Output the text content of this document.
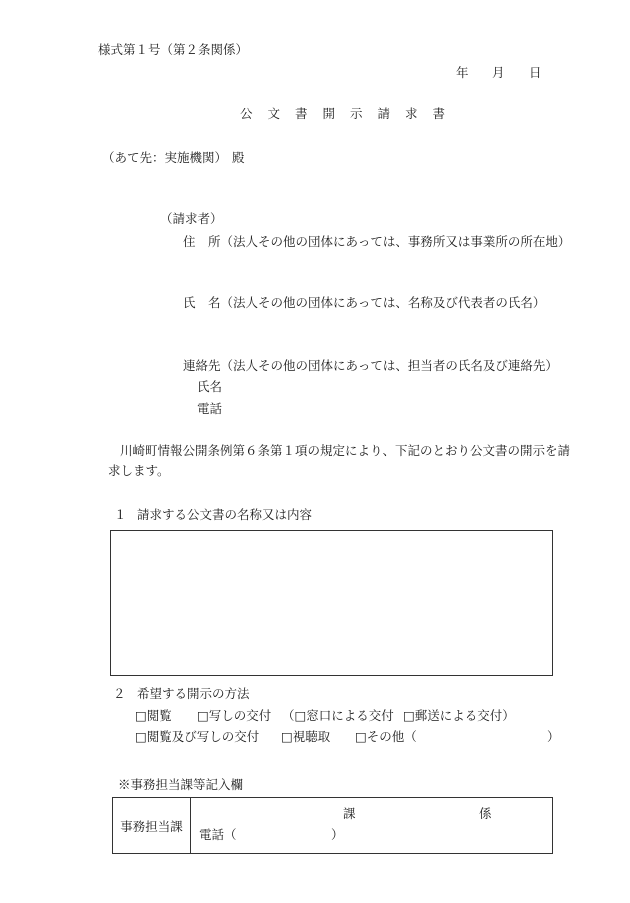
様式第１号（第２条関係）
年 月 日
公文書開示請求書
（あて先：実施機関） 殿
（請求者）
住　所（法人その他の団体にあっては、事務所又は事業所の所在地）
氏　名（法人その他の団体にあっては、名称及び代表者の氏名）
連絡先（法人その他の団体にあっては、担当者の氏名及び連絡先）
氏名
電話
川崎町情報公開条例第６条第１項の規定により、下記のとおり公文書の開示を請
求します。
１ 請求する公文書の名称又は内容
２ 希望する開示の方法
□閲覧 □写しの交付 （□窓口による交付 □郵送による交付）
□閲覧及び写しの交付 □視聴取 □その他（	）
※事務担当課等記入欄
事務担当課
課	係
電話（	）
